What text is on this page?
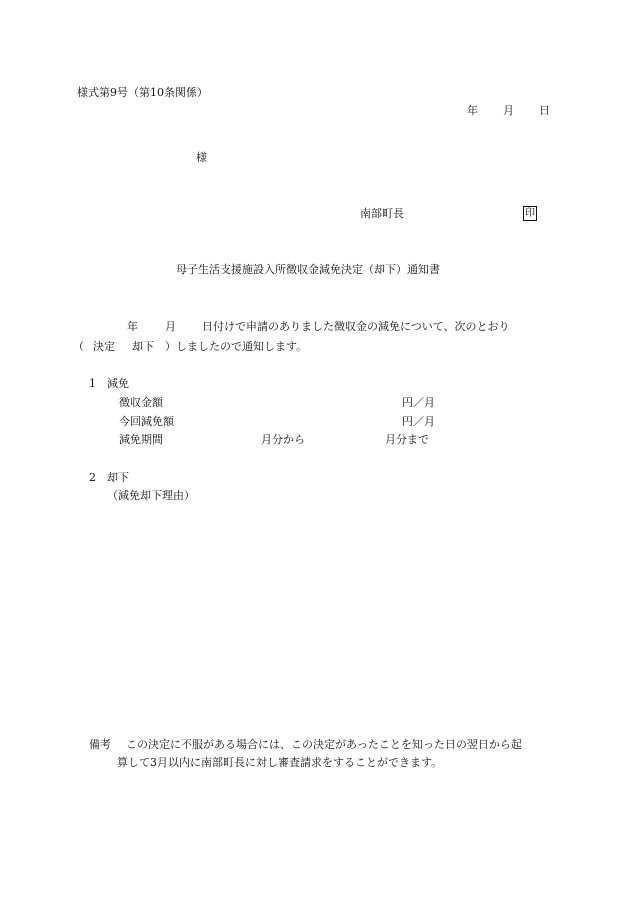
様式第9号（第10条関係）
年 月 日
様
南部町長	印
母子生活支援施設入所徴収金減免決定（却下）通知書
年 月 日付けで申請のありました徴収金の減免について、次のとおり
（ 決定 却下 ）しましたので通知します。
1 減免
徴収金額	円／月
今回減免額	円／月
減免期間	月分から	月分まで
2 却下
（減免却下理由）
備考 この決定に不服がある場合には、この決定があったことを知った日の翌日から起
算して3月以内に南部町長に対し審査請求をすることができます。
